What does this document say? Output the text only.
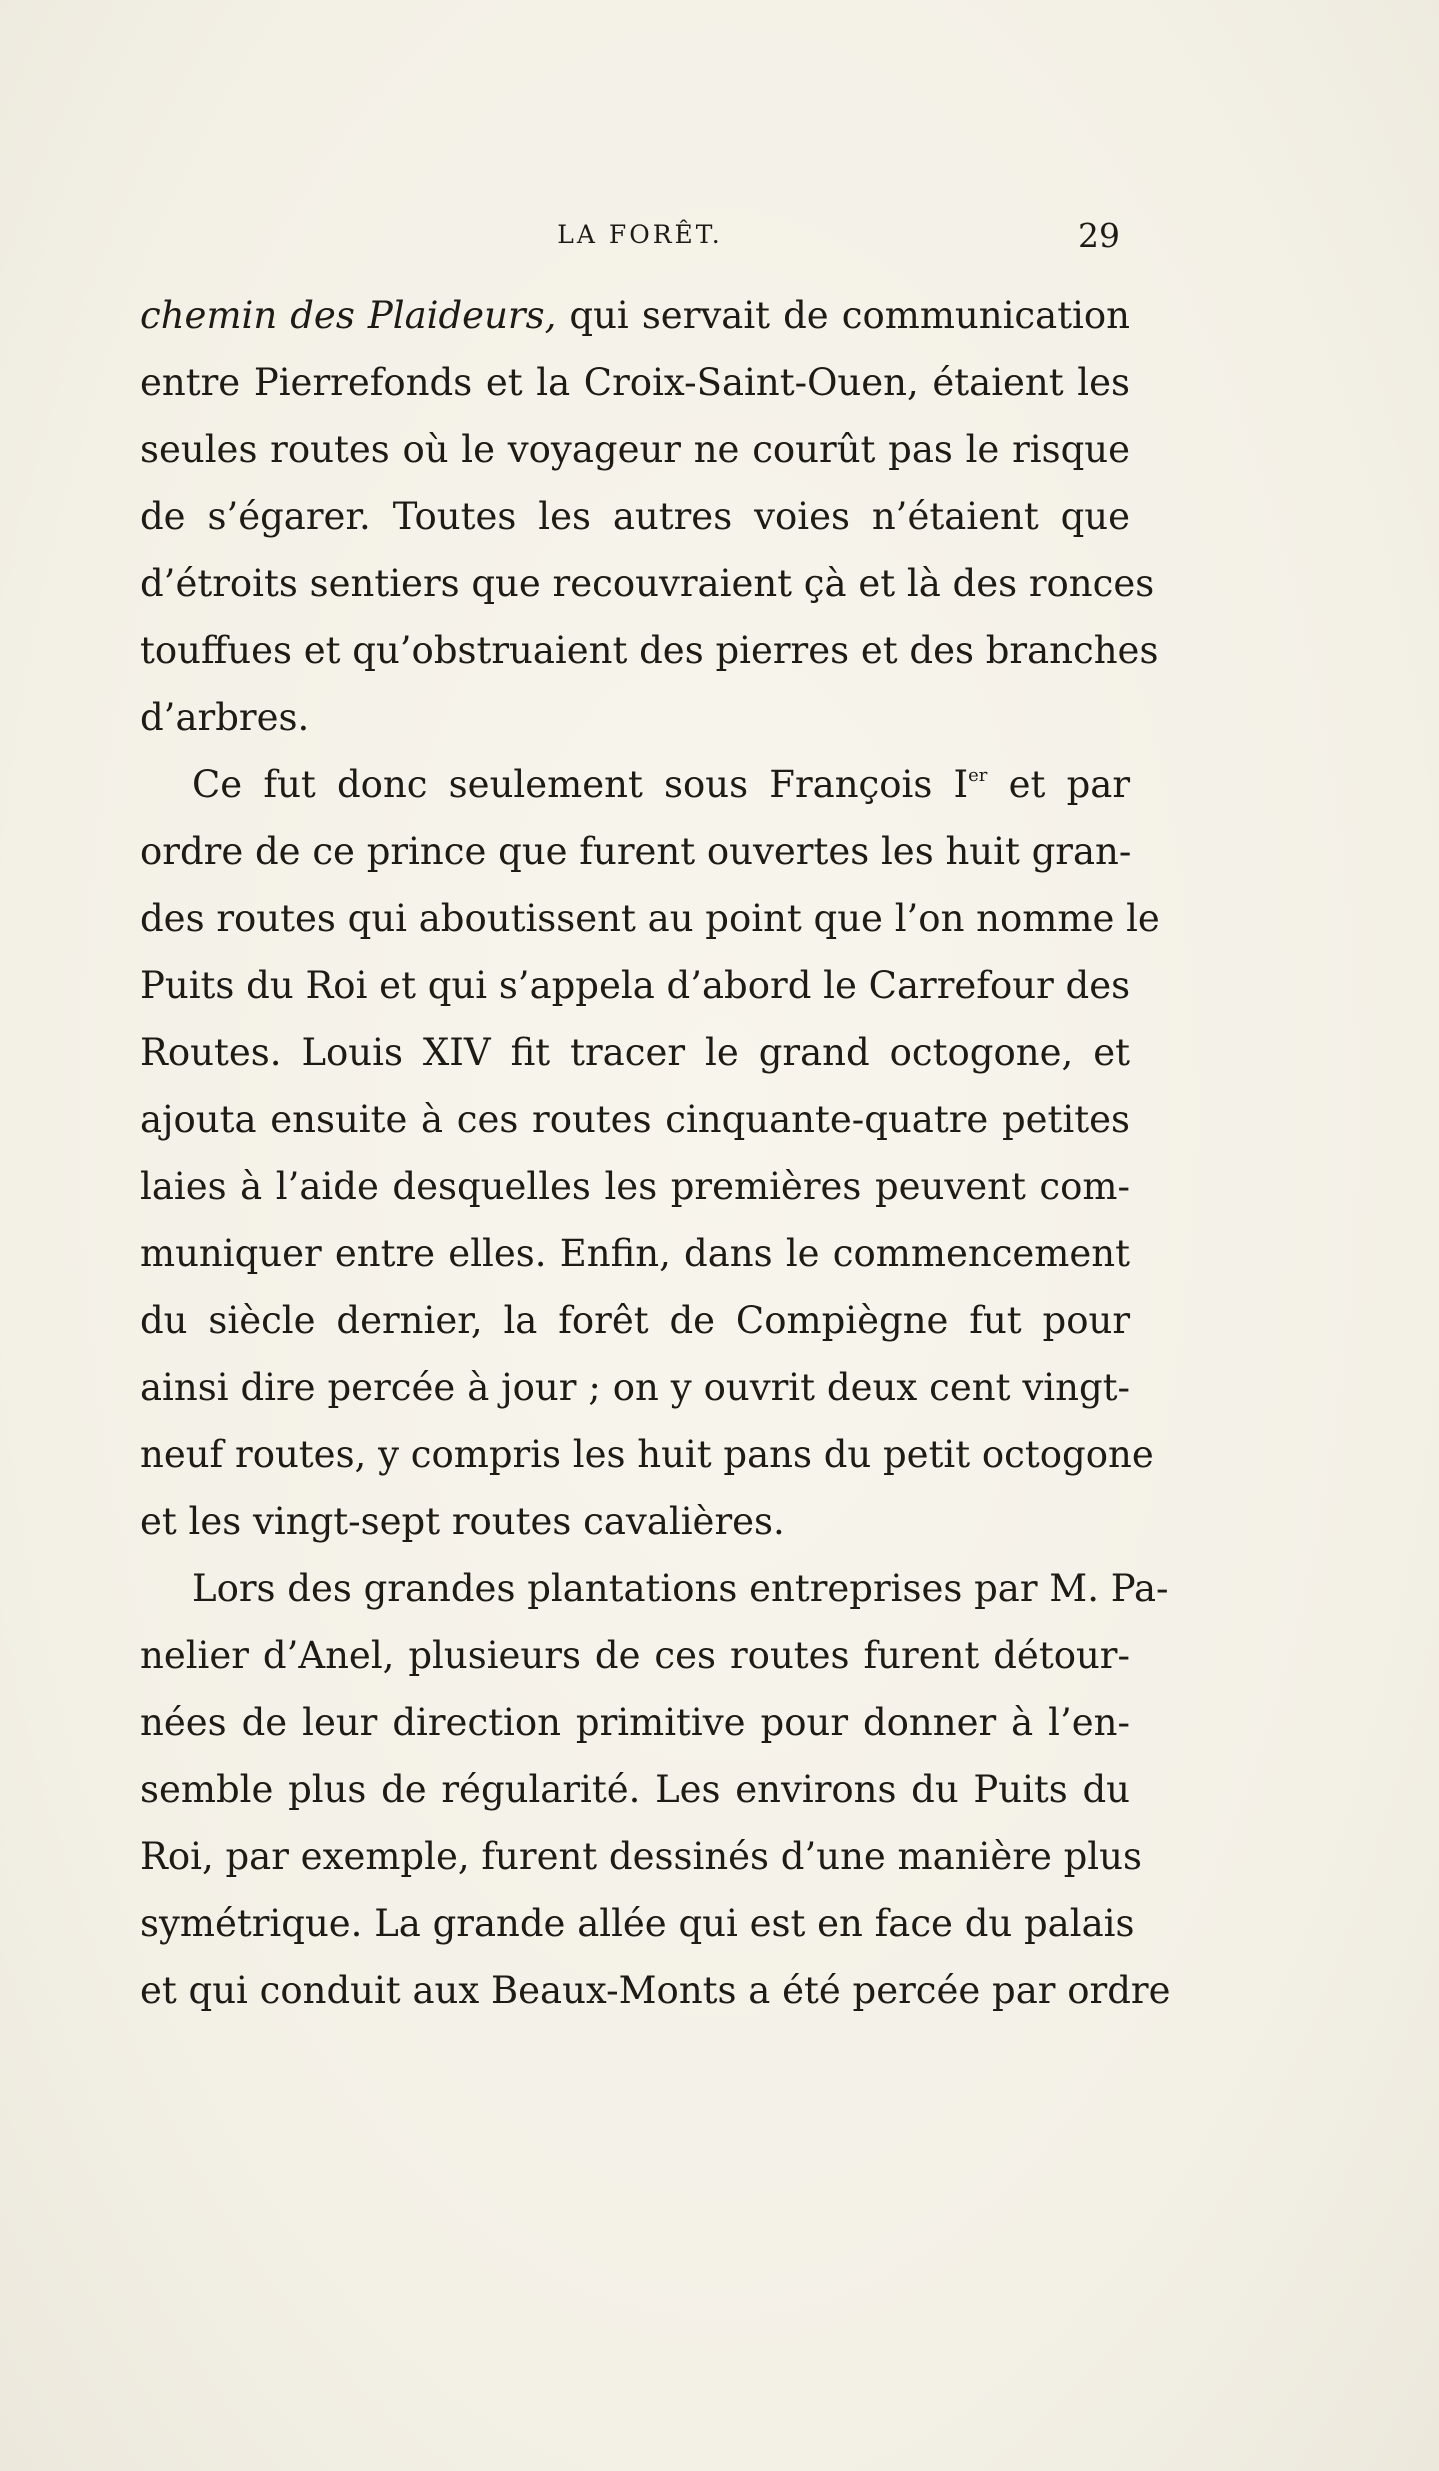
LA FORÊT.	29
chemin des Plaideurs, qui servait de communication
entre Pierrefonds et la Croix-Saint-Ouen, étaient les
seules routes où le voyageur ne courût pas le risque
de s’égarer. Toutes les autres voies n’étaient que
d’étroits sentiers que recouvraient çà et là des ronces
touffues et qu’obstruaient des pierres et des branches
d’arbres.
Ce fut donc seulement sous François Ier et par
ordre de ce prince que furent ouvertes les huit gran-
des routes qui aboutissent au point que l’on nomme le
Puits du Roi et qui s’appela d’abord le Carrefour des
Routes. Louis XIV fit tracer le grand octogone, et
ajouta ensuite à ces routes cinquante-quatre petites
laies à l’aide desquelles les premières peuvent com-
muniquer entre elles. Enfin, dans le commencement
du siècle dernier, la forêt de Compiègne fut pour
ainsi dire percée à jour ; on y ouvrit deux cent vingt-
neuf routes, y compris les huit pans du petit octogone
et les vingt-sept routes cavalières.
Lors des grandes plantations entreprises par M. Pa-
nelier d’Anel, plusieurs de ces routes furent détour-
nées de leur direction primitive pour donner à l’en-
semble plus de régularité. Les environs du Puits du
Roi, par exemple, furent dessinés d’une manière plus
symétrique. La grande allée qui est en face du palais
et qui conduit aux Beaux-Monts a été percée par ordre
